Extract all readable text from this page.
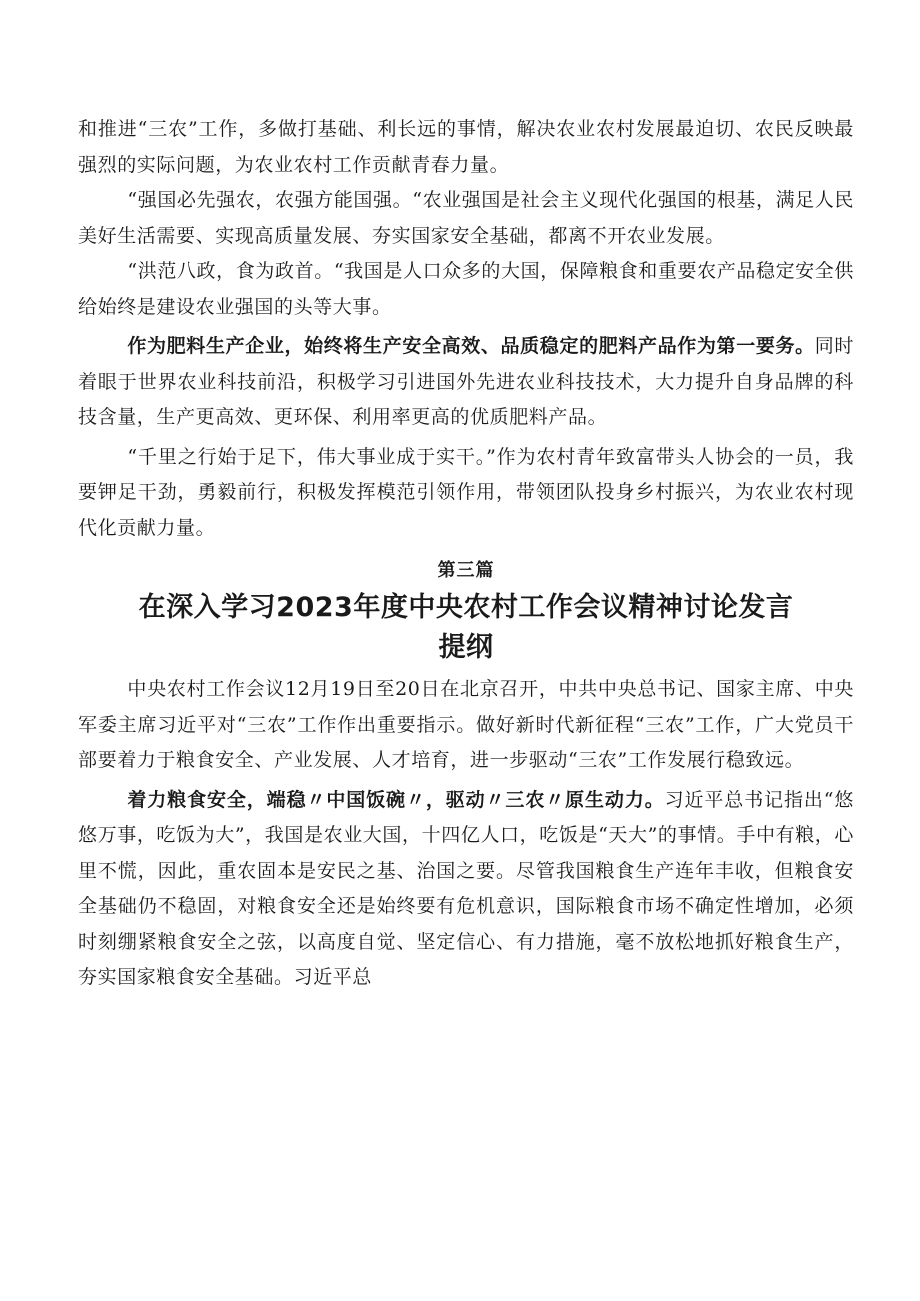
和推进“三农”工作，多做打基础、利长远的事情，解决农业农村发展最迫切、农民反映最强烈的实际问题，为农业农村工作贡献青春力量。

“强国必先强农，农强方能国强。“农业强国是社会主义现代化强国的根基，满足人民美好生活需要、实现高质量发展、夯实国家安全基础，都离不开农业发展。

“洪范八政，食为政首。“我国是人口众多的大国，保障粮食和重要农产品稳定安全供给始终是建设农业强国的头等大事。

作为肥料生产企业，始终将生产安全高效、品质稳定的肥料产品作为第一要务。同时着眼于世界农业科技前沿，积极学习引进国外先进农业科技技术，大力提升自身品牌的科技含量，生产更高效、更环保、利用率更高的优质肥料产品。

“千里之行始于足下，伟大事业成于实干。”作为农村青年致富带头人协会的一员，我要钾足干劲，勇毅前行，积极发挥模范引领作用，带领团队投身乡村振兴，为农业农村现代化贡献力量。

第三篇
在深入学习2023年度中央农村工作会议精神讨论发言
提纲

中央农村工作会议12月19日至20日在北京召开，中共中央总书记、国家主席、中央军委主席习近平对“三农”工作作出重要指示。做好新时代新征程“三农”工作，广大党员干部要着力于粮食安全、产业发展、人才培育，进一步驱动“三农”工作发展行稳致远。

着力粮食安全，端稳〃中国饭碗〃，驱动〃三农〃原生动力。习近平总书记指出“悠悠万事，吃饭为大”，我国是农业大国，十四亿人口，吃饭是“天大”的事情。手中有粮，心里不慌，因此，重农固本是安民之基、治国之要。尽管我国粮食生产连年丰收，但粮食安全基础仍不稳固，对粮食安全还是始终要有危机意识，国际粮食市场不确定性增加，必须时刻绷紧粮食安全之弦，以高度自觉、坚定信心、有力措施，毫不放松地抓好粮食生产，夯实国家粮食安全基础。习近平总
